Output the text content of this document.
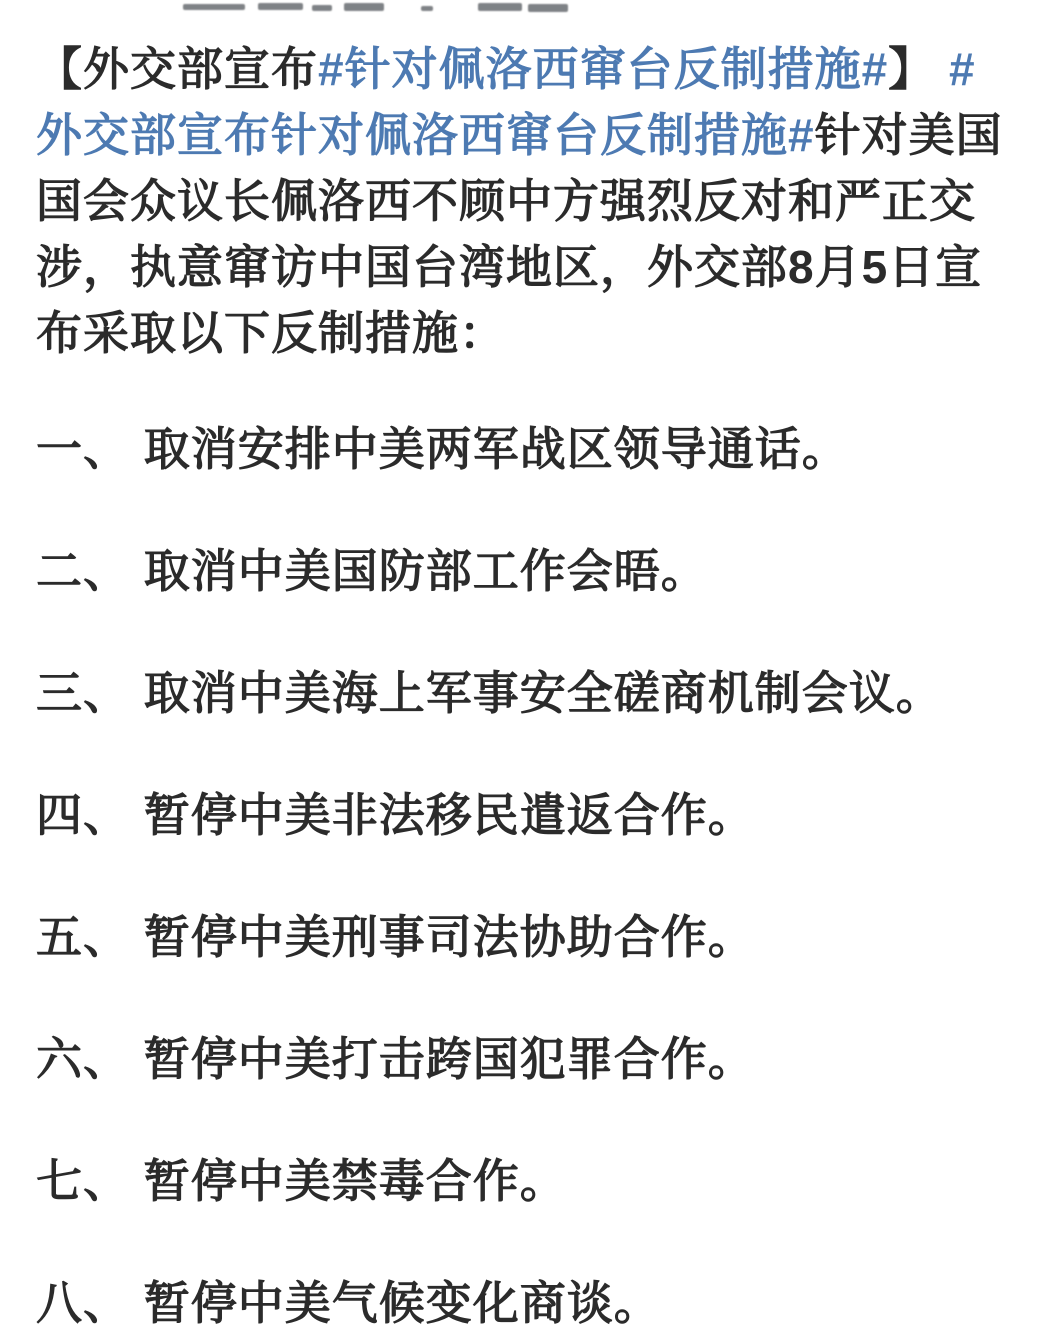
【外交部宣布#针对佩洛西窜台反制措施#】 #外交部宣布针对佩洛西窜台反制措施#针对美国国会众议长佩洛西不顾中方强烈反对和严正交涉，执意窜访中国台湾地区，外交部8月5日宣布采取以下反制措施：

一、 取消安排中美两军战区领导通话。

二、 取消中美国防部工作会晤。

三、 取消中美海上军事安全磋商机制会议。

四、 暂停中美非法移民遣返合作。

五、 暂停中美刑事司法协助合作。

六、 暂停中美打击跨国犯罪合作。

七、 暂停中美禁毒合作。

八、 暂停中美气候变化商谈。
